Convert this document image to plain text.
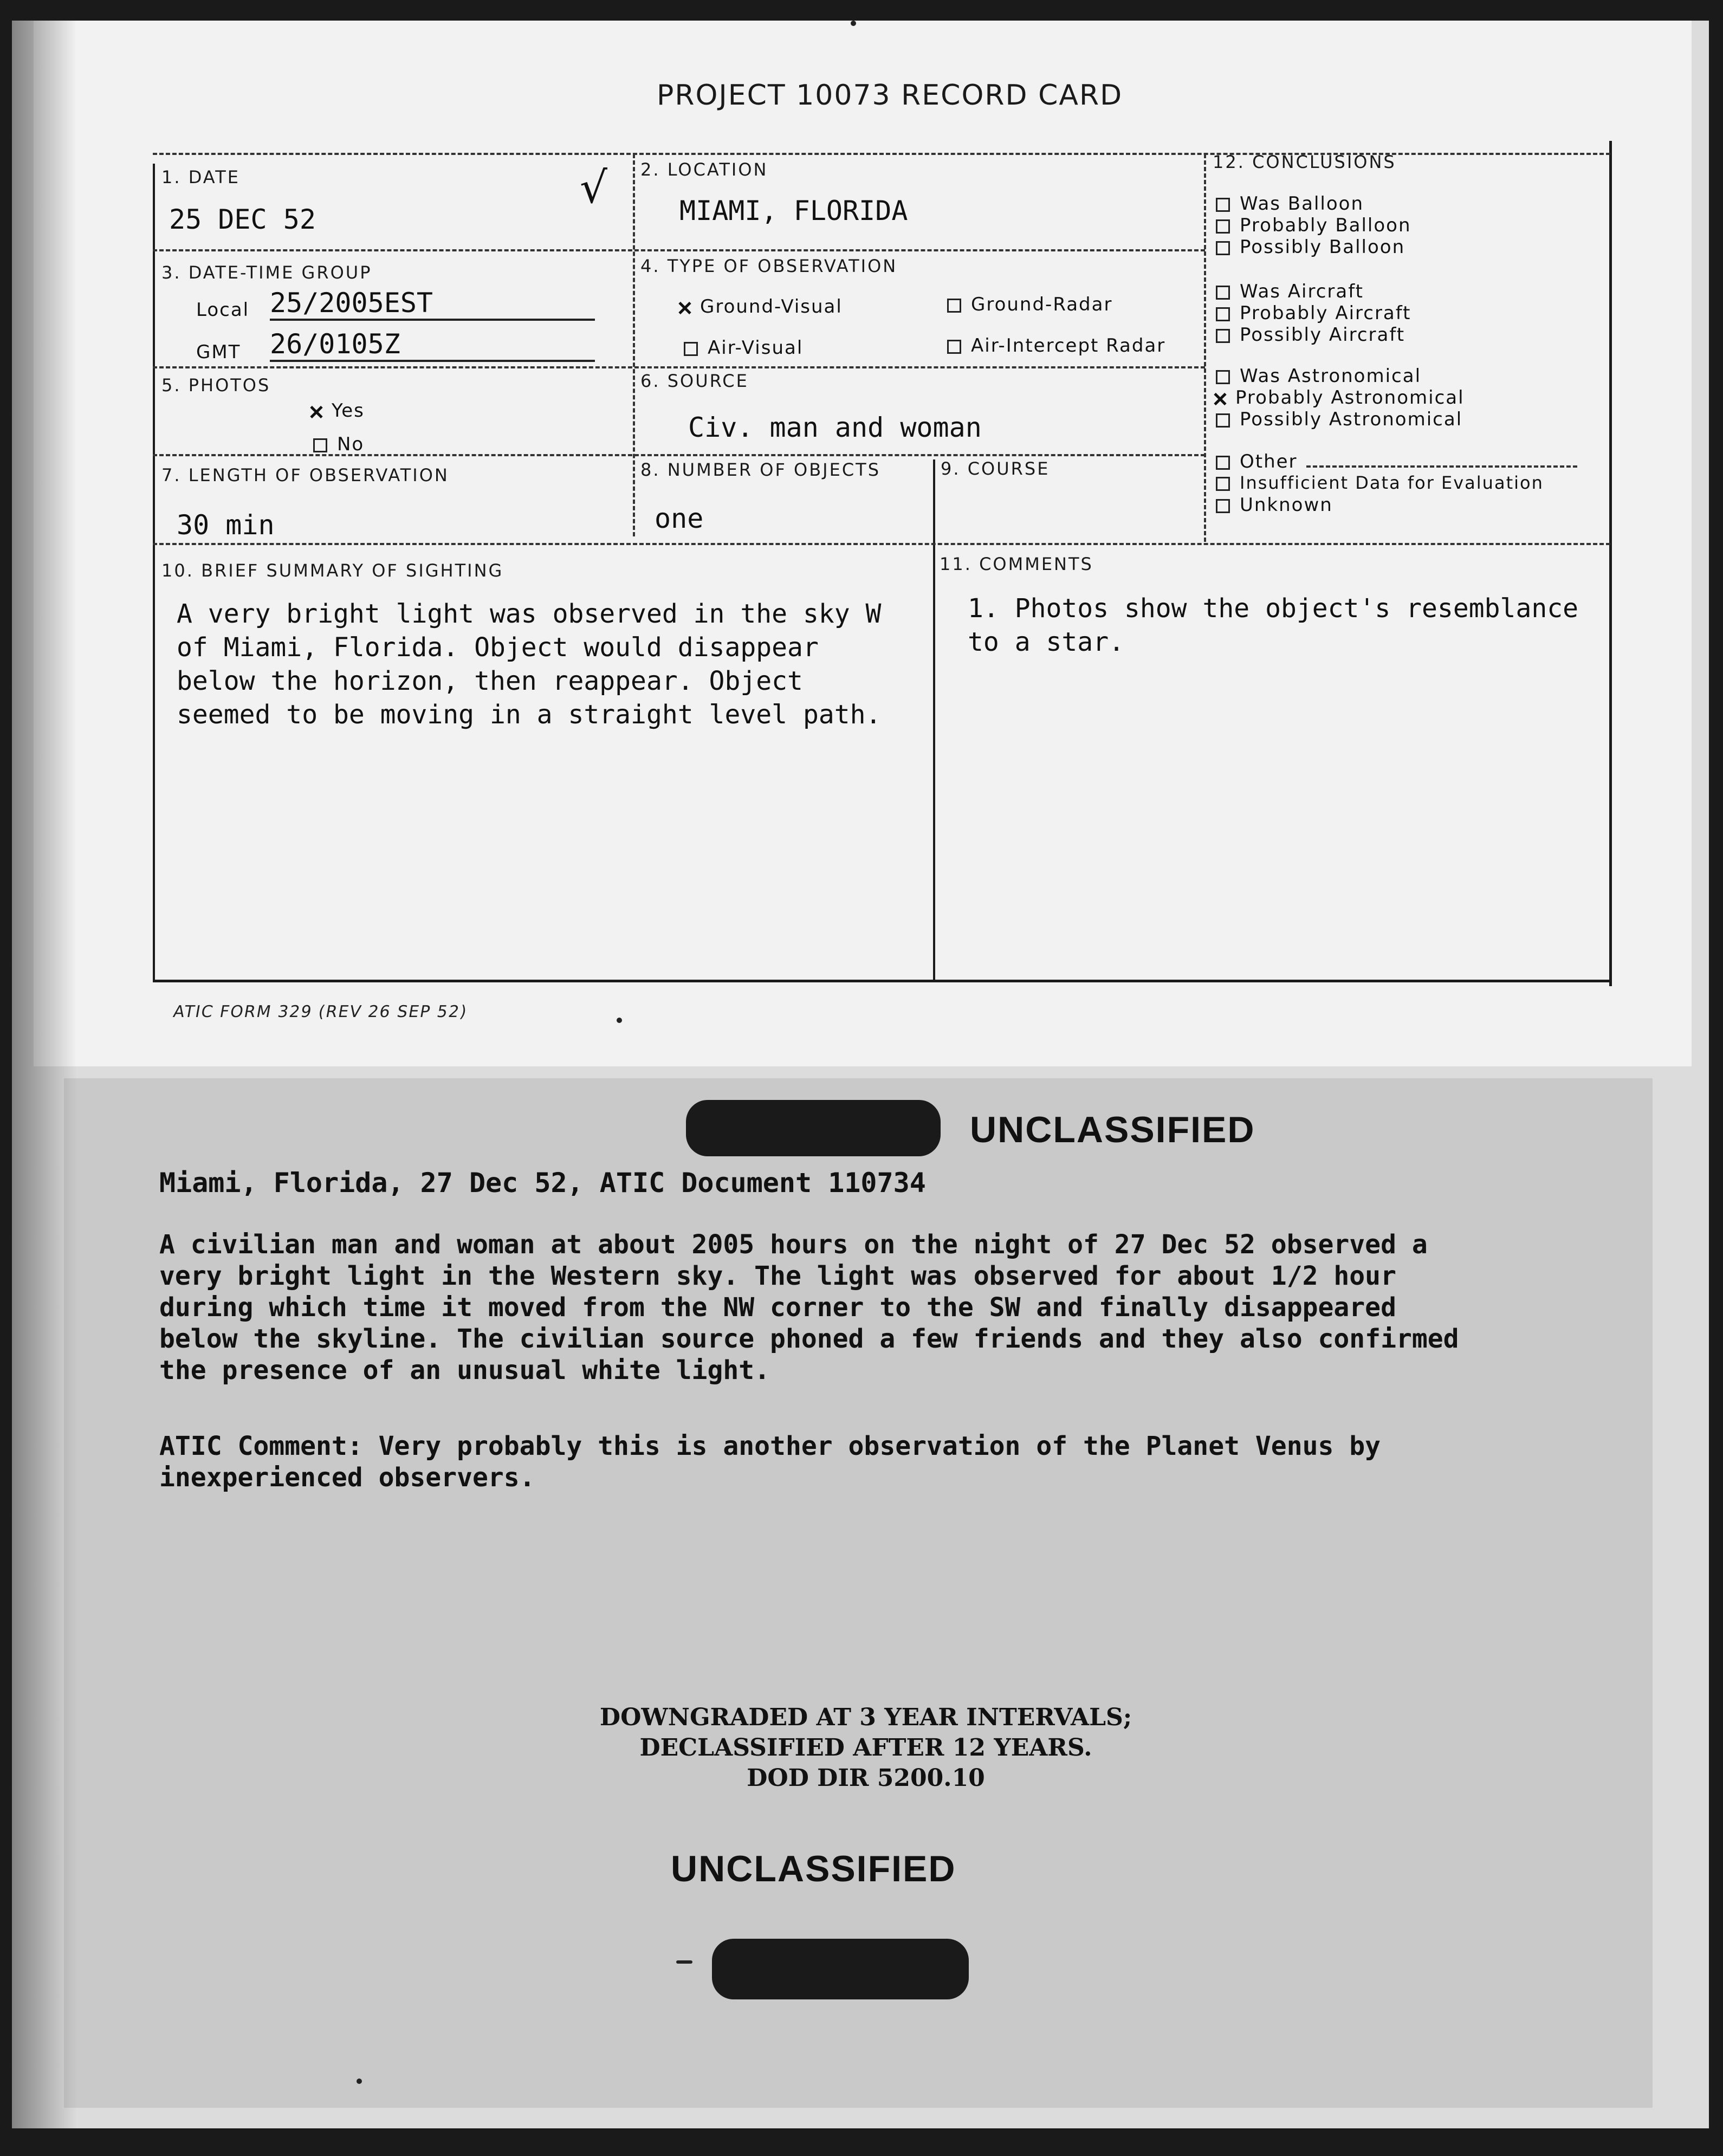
PROJECT 10073 RECORD CARD
1. DATE
25 DEC 52
√ 2. LOCATION
MIAMI, FLORIDA
3. DATE-TIME GROUP
Local 25/2005EST
GMT 26/0105Z
4. TYPE OF OBSERVATION
Ground-Visual	Ground-Radar
Air-Visual	Air-Intercept Radar
5. PHOTOS
Yes
No
6. SOURCE
Civ. man and woman
7. LENGTH OF OBSERVATION
30 min
8. NUMBER OF OBJECTS
one
9. COURSE
10. BRIEF SUMMARY OF SIGHTING
A very bright light was observed in the sky W
of Miami, Florida. Object would disappear
below the horizon, then reappear. Object
seemed to be moving in a straight level path.
11. COMMENTS
1. Photos show the object's resemblance
to a star.
12. CONCLUSIONS
Was Balloon
Probably Balloon
Possibly Balloon
Was Aircraft
Probably Aircraft
Possibly Aircraft
Was Astronomical
Probably Astronomical
Possibly Astronomical
Other
Insufficient Data for Evaluation
Unknown
ATIC FORM 329 (REV 26 SEP 52)
UNCLASSIFIED
Miami, Florida, 27 Dec 52, ATIC Document 110734
A civilian man and woman at about 2005 hours on the night of 27 Dec 52 observed a
very bright light in the Western sky. The light was observed for about 1/2 hour
during which time it moved from the NW corner to the SW and finally disappeared
below the skyline. The civilian source phoned a few friends and they also confirmed
the presence of an unusual white light.
ATIC Comment: Very probably this is another observation of the Planet Venus by
inexperienced observers.
DOWNGRADED AT 3 YEAR INTERVALS;
DECLASSIFIED AFTER 12 YEARS.
DOD DIR 5200.10
UNCLASSIFIED
